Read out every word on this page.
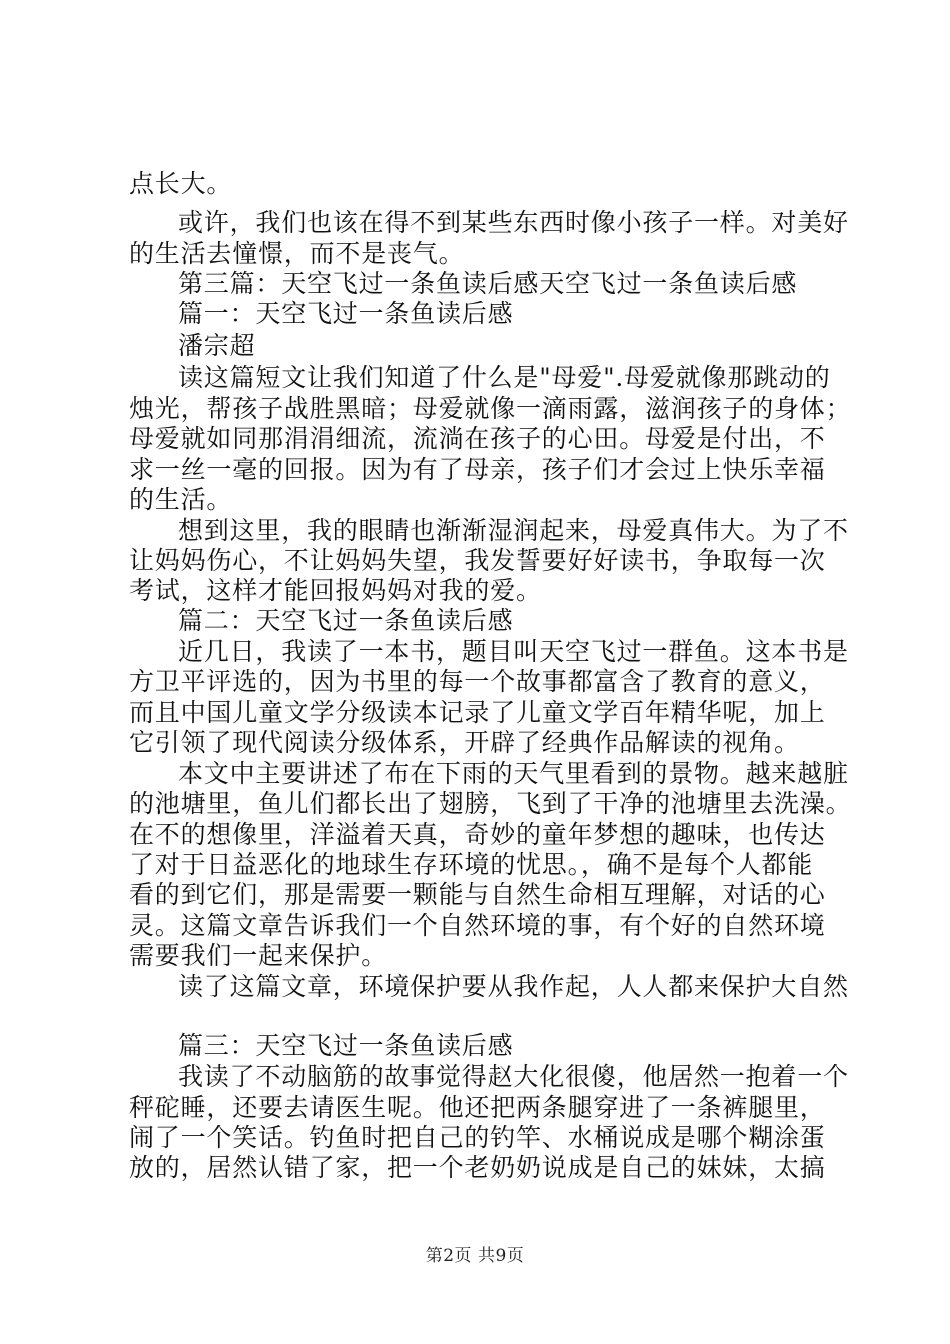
点长大。
或许，我们也该在得不到某些东西时像小孩子一样。对美好
的生活去憧憬，而不是丧气。
第三篇：天空飞过一条鱼读后感天空飞过一条鱼读后感
篇一：天空飞过一条鱼读后感
潘宗超
读这篇短文让我们知道了什么是"母爱".母爱就像那跳动的
烛光，帮孩子战胜黑暗；母爱就像一滴雨露，滋润孩子的身体；
母爱就如同那涓涓细流，流淌在孩子的心田。母爱是付出，不
求一丝一毫的回报。因为有了母亲，孩子们才会过上快乐幸福
的生活。
想到这里，我的眼睛也渐渐湿润起来，母爱真伟大。为了不
让妈妈伤心，不让妈妈失望，我发誓要好好读书，争取每一次
考试，这样才能回报妈妈对我的爱。
篇二：天空飞过一条鱼读后感
近几日，我读了一本书，题目叫天空飞过一群鱼。这本书是
方卫平评选的，因为书里的每一个故事都富含了教育的意义，
而且中国儿童文学分级读本记录了儿童文学百年精华呢，加上
它引领了现代阅读分级体系，开辟了经典作品解读的视角。
本文中主要讲述了布在下雨的天气里看到的景物。越来越脏
的池塘里，鱼儿们都长出了翅膀，飞到了干净的池塘里去洗澡。
在不的想像里，洋溢着天真，奇妙的童年梦想的趣味，也传达
了对于日益恶化的地球生存环境的忧思。，确不是每个人都能
看的到它们，那是需要一颗能与自然生命相互理解，对话的心
灵。这篇文章告诉我们一个自然环境的事，有个好的自然环境
需要我们一起来保护。
读了这篇文章，环境保护要从我作起，人人都来保护大自然
篇三：天空飞过一条鱼读后感
我读了不动脑筋的故事觉得赵大化很傻，他居然一抱着一个
秤砣睡，还要去请医生呢。他还把两条腿穿进了一条裤腿里，
闹了一个笑话。钓鱼时把自己的钓竿、水桶说成是哪个糊涂蛋
放的，居然认错了家，把一个老奶奶说成是自己的妹妹，太搞
第2页 共9页
